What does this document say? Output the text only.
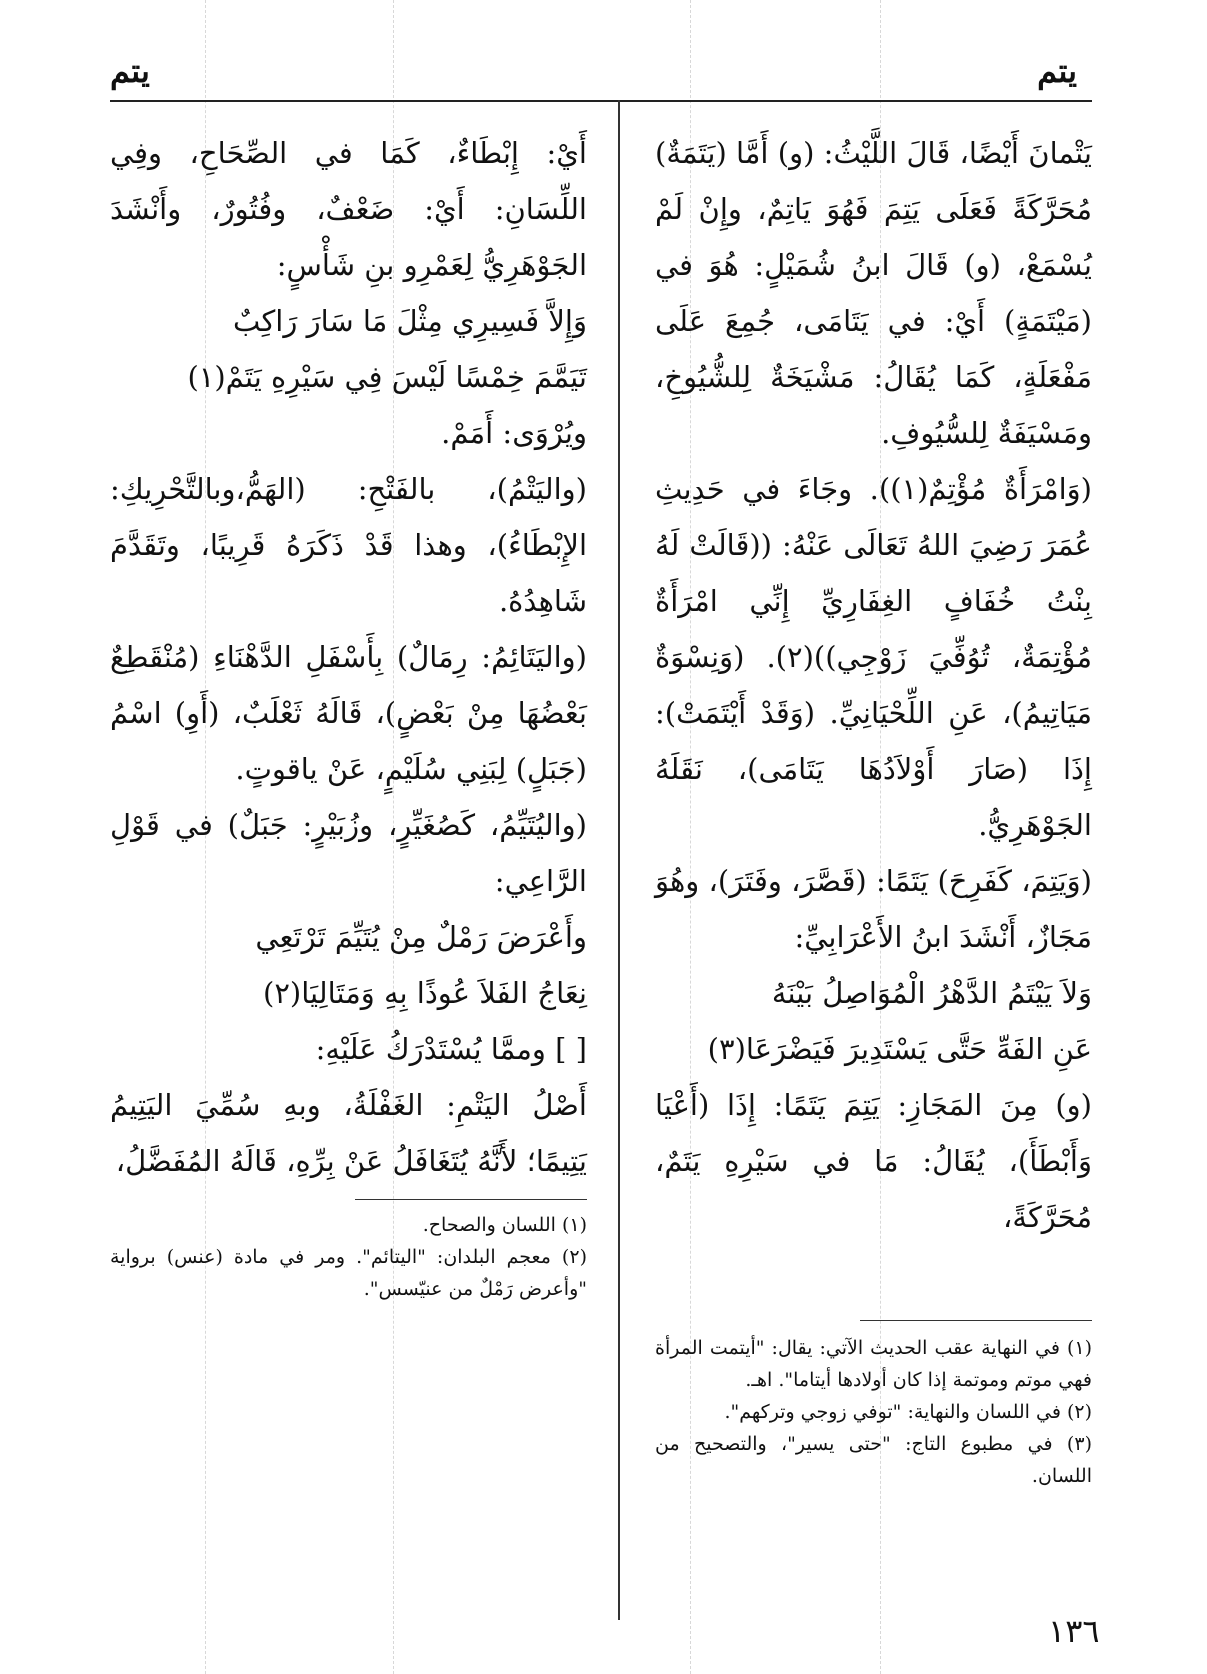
يتم
يتم

يَتْمانَ أَيْضًا، قَالَ اللَّيْثُ: (و) أَمَّا (يَتَمَةٌ) مُحَرَّكَةً فَعَلَى يَتِمَ فَهُوَ يَاتِمٌ، وإِنْ لَمْ يُسْمَعْ، (و) قَالَ ابنُ شُمَيْلٍ: هُوَ في (مَيْتَمَةٍ) أَيْ: في يَتَامَى، جُمِعَ عَلَى مَفْعَلَةٍ، كَمَا يُقَالُ: مَشْيَخَةٌ لِلشُّيُوخِ، ومَسْيَفَةٌ لِلسُّيُوفِ.

(وَامْرَأَةٌ مُؤْتِمٌ(١)). وجَاءَ في حَدِيثِ عُمَرَ رَضِيَ اللهُ تَعَالَى عَنْهُ: ((قَالَتْ لَهُ بِنْتُ خُفَافٍ الغِفَارِيِّ إِنِّي امْرَأَةٌ مُؤْتِمَةٌ، تُوُفِّيَ زَوْجِي))(٢). (وَنِسْوَةٌ مَيَاتِيمُ)، عَنِ اللِّحْيَانِيِّ. (وَقَدْ أَيْتَمَتْ): إِذَا (صَارَ أَوْلاَدُهَا يَتَامَى)، نَقَلَهُ الجَوْهَرِيُّ.

(وَيَتِمَ، كَفَرِحَ) يَتَمًا: (قَصَّرَ، وفَتَرَ)، وهُوَ مَجَازٌ، أَنْشَدَ ابنُ الأَعْرَابِيِّ:

وَلاَ يَيْتَمُ الدَّهْرُ الْمُوَاصِلُ بَيْنَهُ

عَنِ الفَهِّ حَتَّى يَسْتَدِيرَ فَيَضْرَعَا(٣)

(و) مِنَ المَجَازِ: يَتِمَ يَتَمًا: إِذَا (أَعْيَا وَأَبْطَأَ)، يُقَالُ: مَا في سَيْرِهِ يَتَمٌ، مُحَرَّكَةً،

أَيْ: إِبْطَاءٌ، كَمَا في الصِّحَاحِ، وفِي اللِّسَانِ: أَيْ: ضَعْفٌ، وفُتُورٌ، وأَنْشَدَ الجَوْهَرِيُّ لِعَمْرِو بنِ شَأْسٍ:

وَإِلاَّ فَسِيرِي مِثْلَ مَا سَارَ رَاكِبٌ

تَيَمَّمَ خِمْسًا لَيْسَ فِي سَيْرِهِ يَتَمْ(١)

ويُرْوَى: أَمَمْ.

(واليَتْمُ)، بالفَتْحِ: (الهَمُّ،وبالتَّحْرِيكِ: الإِبْطَاءُ)، وهذا قَدْ ذَكَرَهُ قَرِيبًا، وتَقَدَّمَ شَاهِدُهُ.

(واليَتَائِمُ: رِمَالٌ) بِأَسْفَلِ الدَّهْنَاءِ (مُنْقَطِعٌ بَعْضُهَا مِنْ بَعْضٍ)، قَالَهُ ثَعْلَبٌ، (أَوِ) اسْمُ (جَبَلٍ) لِبَنِي سُلَيْمٍ، عَنْ ياقوتٍ.

(واليُتَيِّمُ، كَصُغَيِّرٍ، وزُبَيْرٍ: جَبَلٌ) في قَوْلِ الرَّاعِي:

وأَعْرَضَ رَمْلٌ مِنْ يُتَيِّمَ تَرْتَعِي

نِعَاجُ الفَلاَ عُوذًا بِهِ وَمَتَالِيَا(٢)

[ ] وممَّا يُسْتَدْرَكُ عَلَيْهِ:

أَصْلُ اليَتْمِ: الغَفْلَةُ، وبهِ سُمِّيَ اليَتِيمُ يَتِيمًا؛ لأَنَّهُ يُتَغَافَلُ عَنْ بِرِّهِ، قَالَهُ المُفَضَّلُ،

(١) في النهاية عقب الحديث الآتي: يقال: "أيتمت المرأة فهي موتم وموتمة إذا كان أولادها أيتاما". اهـ.

(٢) في اللسان والنهاية: "توفي زوجي وتركهم".

(٣) في مطبوع التاج: "حتى يسير"، والتصحيح من اللسان.

(١) اللسان والصحاح.

(٢) معجم البلدان: "اليتائم". ومر في مادة (عنس) برواية "وأعرض رَمْلٌ من عنيّسس".

١٣٦
